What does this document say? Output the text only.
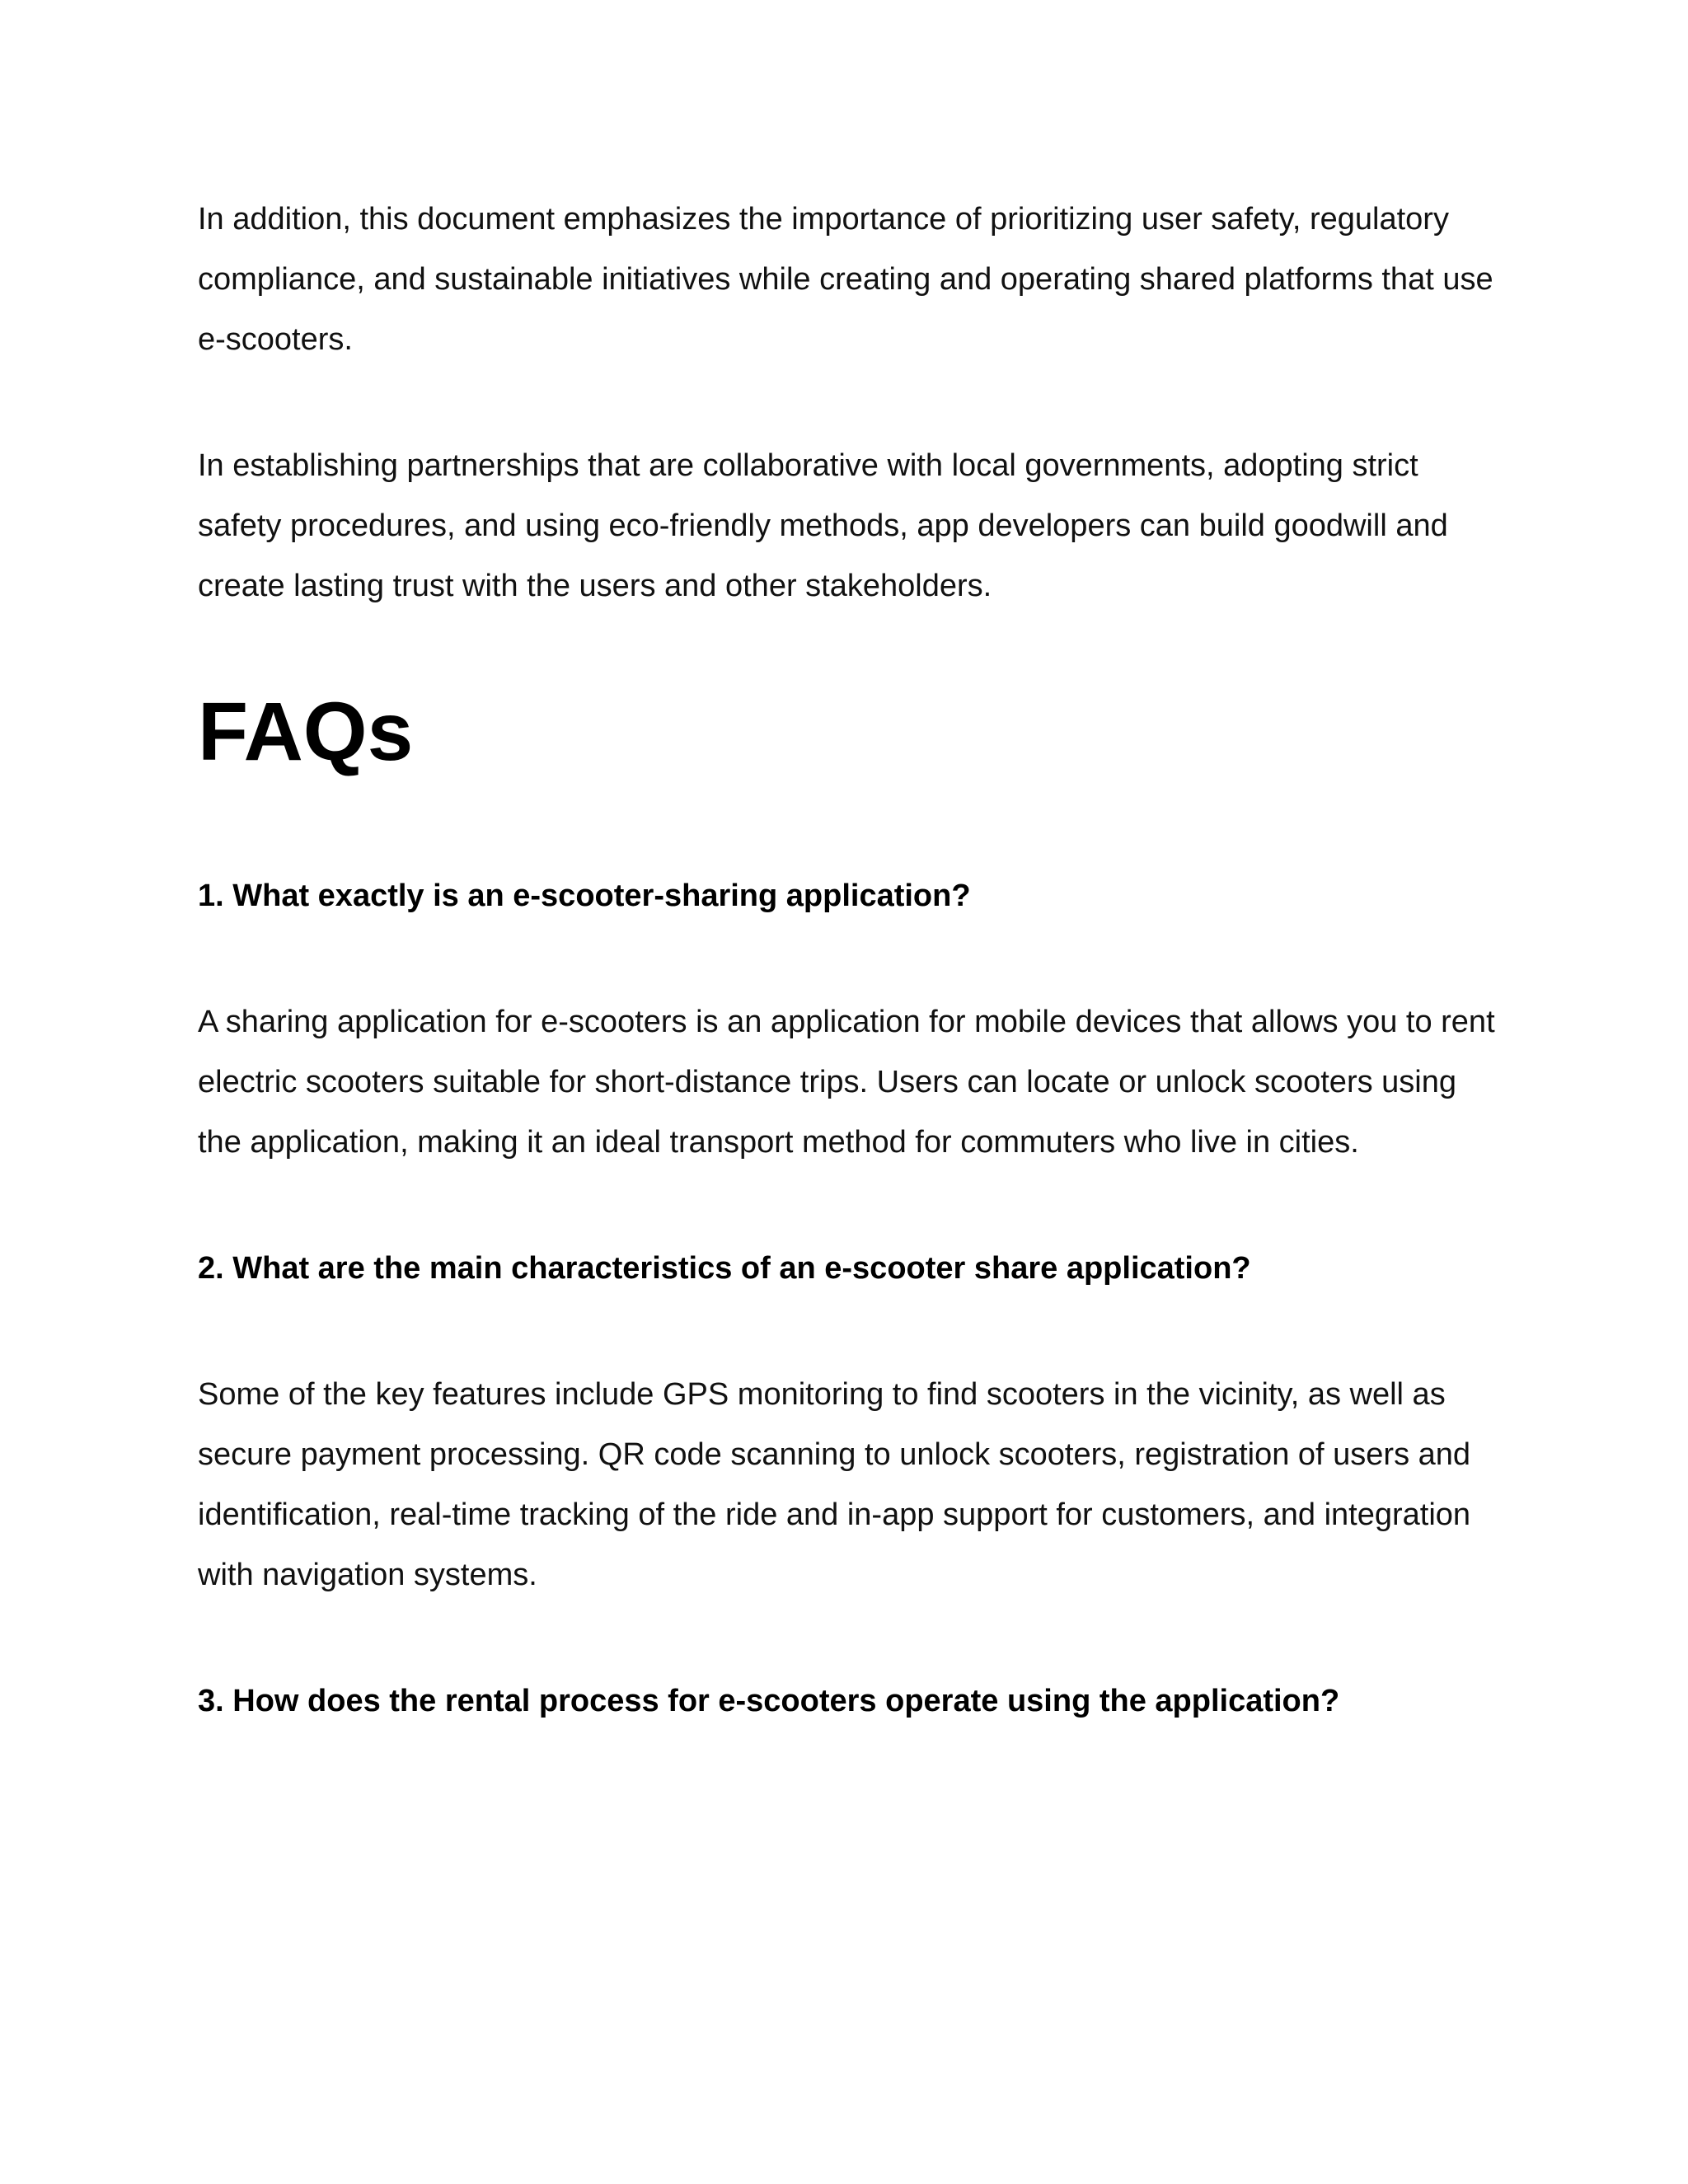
In addition, this document emphasizes the importance of prioritizing user safety, regulatory compliance, and sustainable initiatives while creating and operating shared platforms that use e-scooters.

In establishing partnerships that are collaborative with local governments, adopting strict safety procedures, and using eco-friendly methods, app developers can build goodwill and create lasting trust with the users and other stakeholders.

FAQs

1. What exactly is an e-scooter-sharing application?

A sharing application for e-scooters is an application for mobile devices that allows you to rent electric scooters suitable for short-distance trips. Users can locate or unlock scooters using the application, making it an ideal transport method for commuters who live in cities.

2. What are the main characteristics of an e-scooter share application?

Some of the key features include GPS monitoring to find scooters in the vicinity, as well as secure payment processing. QR code scanning to unlock scooters, registration of users and identification, real-time tracking of the ride and in-app support for customers, and integration with navigation systems.

3. How does the rental process for e-scooters operate using the application?
